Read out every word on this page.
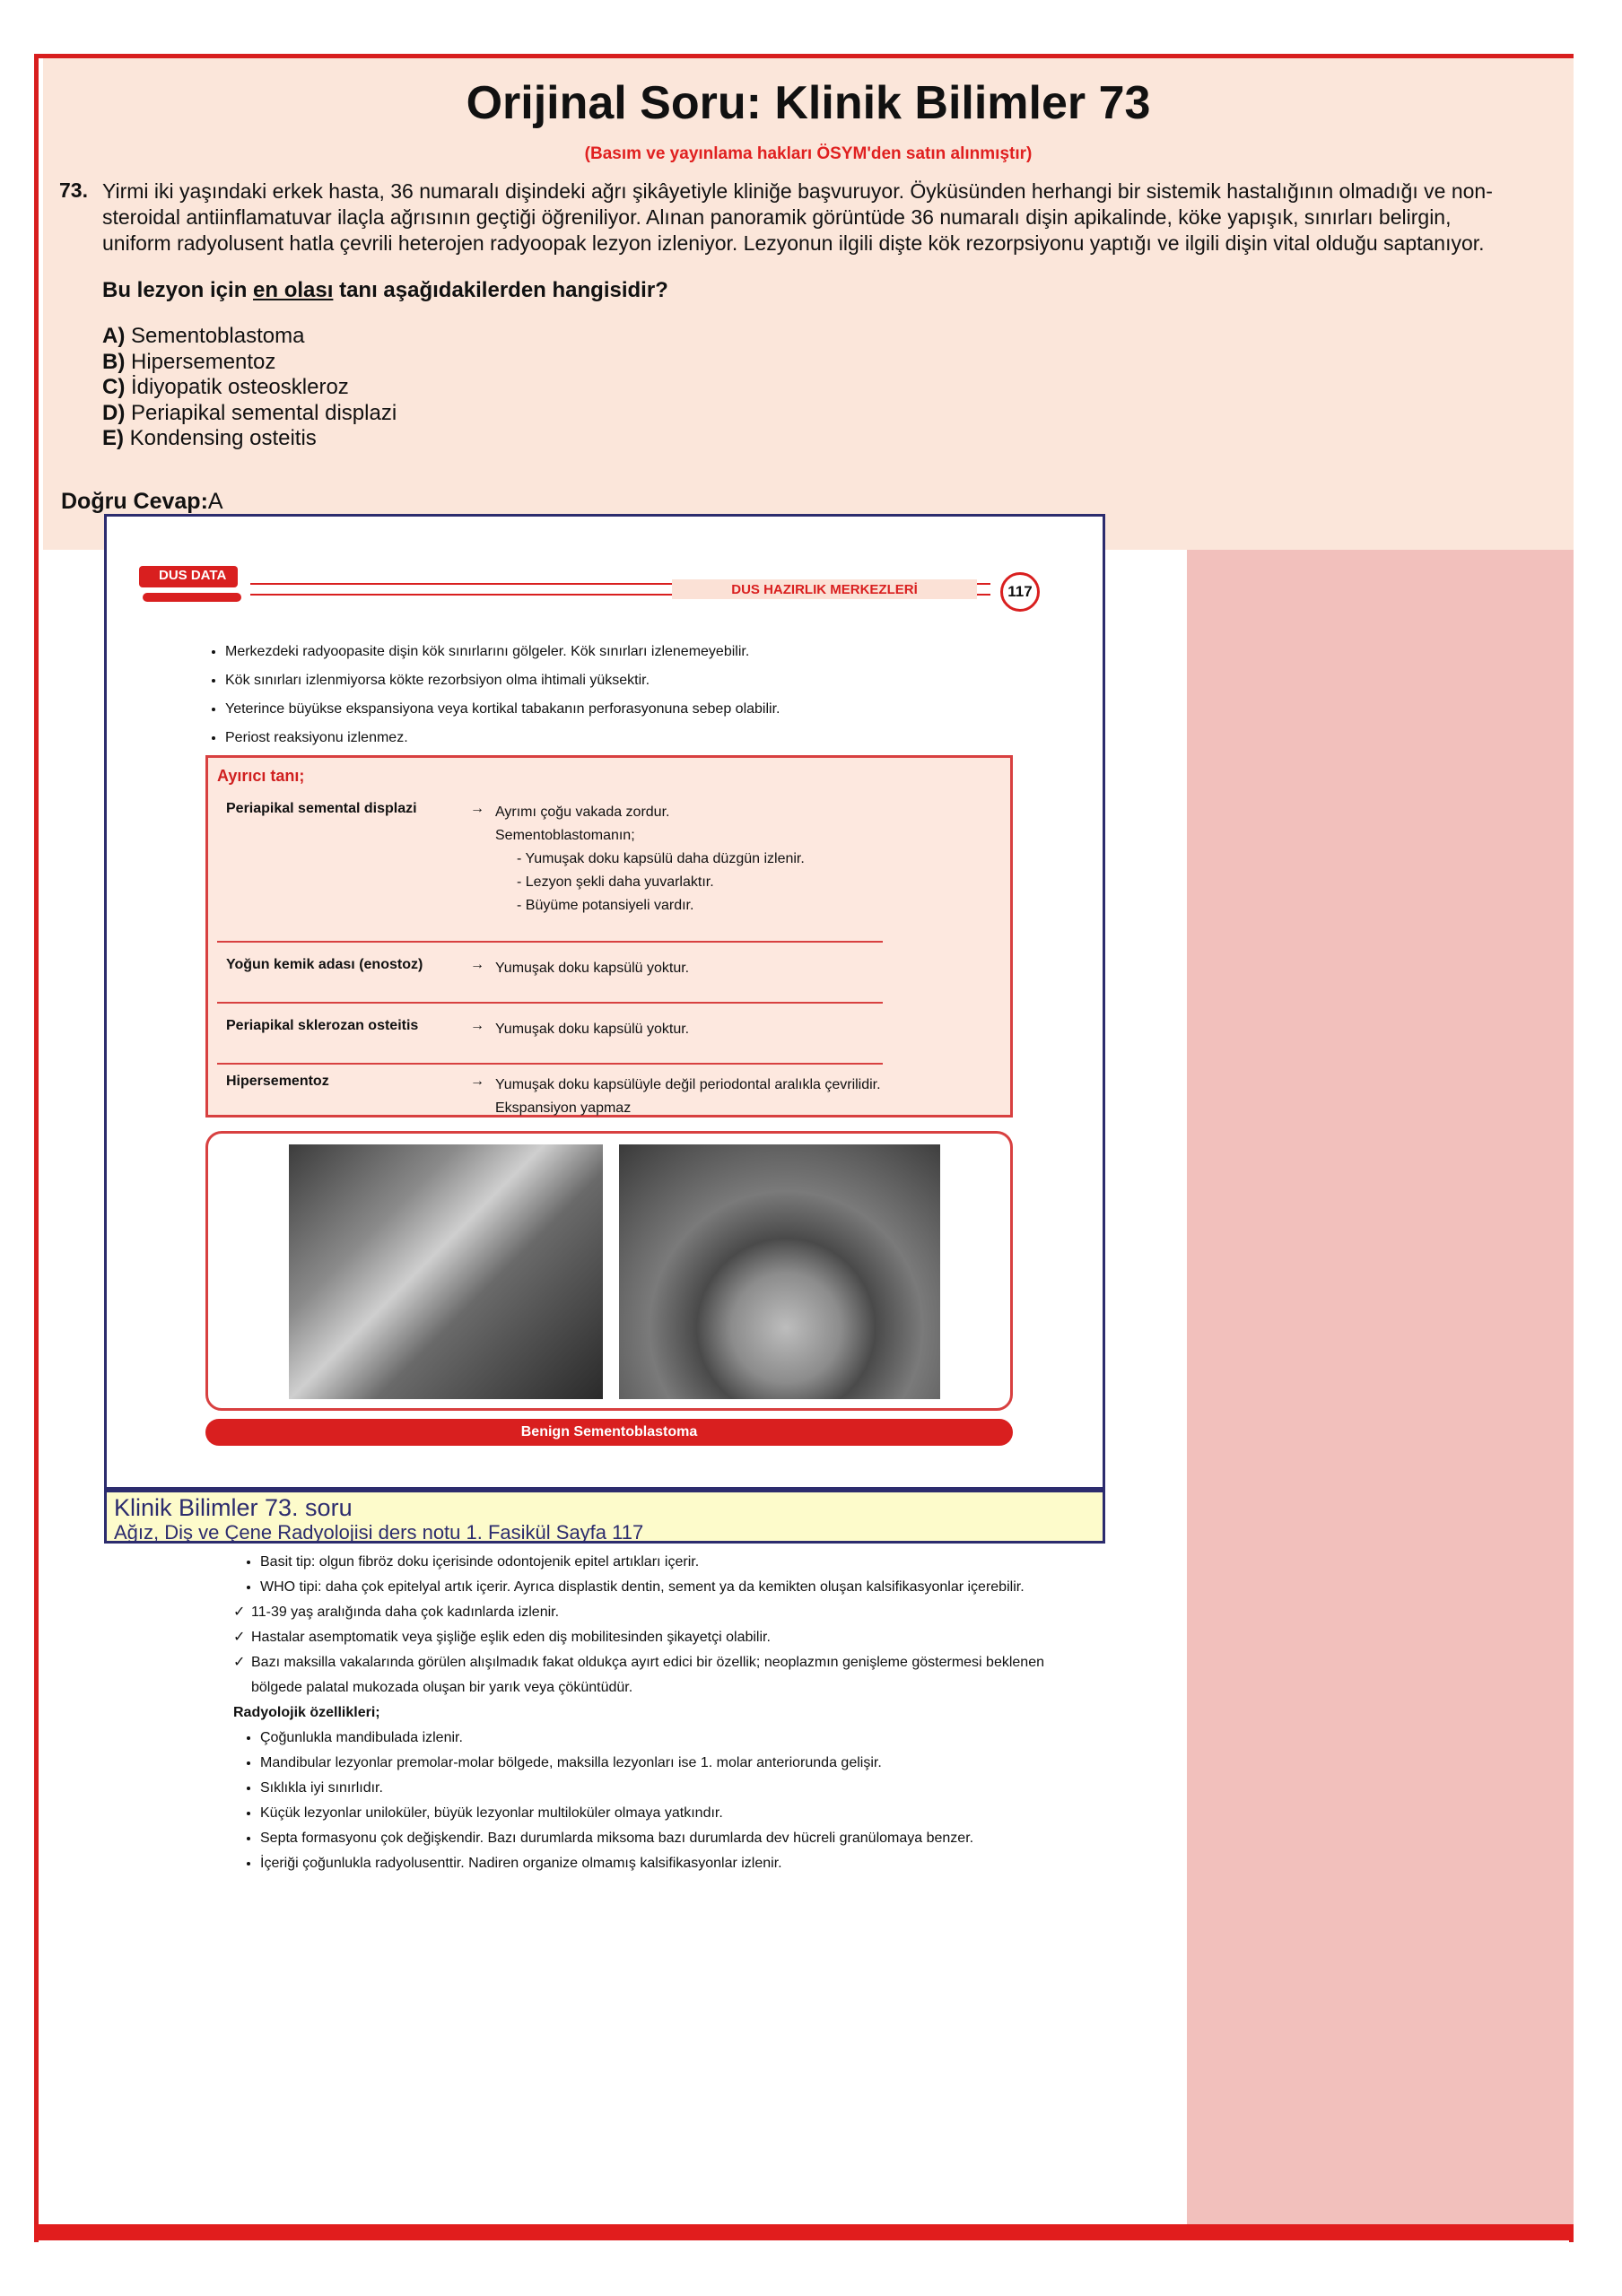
Orijinal Soru: Klinik Bilimler 73
(Basım ve yayınlama hakları ÖSYM'den satın alınmıştır)
73. Yirmi iki yaşındaki erkek hasta, 36 numaralı dişindeki ağrı şikâyetiyle kliniğe başvuruyor. Öyküsünden herhangi bir sistemik hastalığının olmadığı ve non-steroidal antiinflamatuvar ilaçla ağrısının geçtiği öğreniliyor. Alınan panoramik görüntüde 36 numaralı dişin apikalinde, köke yapışık, sınırları belirgin, uniform radyolusent hatla çevrili heterojen radyoopak lezyon izleniyor. Lezyonun ilgili dişte kök rezorpsiyonu yaptığı ve ilgili dişin vital olduğu saptanıyor.
Bu lezyon için en olası tanı aşağıdakilerden hangisidir?
A) Sementoblastoma
B) Hipersementoz
C) İdiyopatik osteoskleroz
D) Periapikal semental displazi
E) Kondensing osteitis
Doğru Cevap:A
DUS DATA
DUS HAZIRLIK MERKEZLERİ	117
• Merkezdeki radyoopasite dişin kök sınırlarını gölgeler. Kök sınırları izlenemeyebilir.
• Kök sınırları izlenmiyorsa kökte rezorbsiyon olma ihtimali yüksektir.
• Yeterince büyükse ekspansiyona veya kortikal tabakanın perforasyonuna sebep olabilir.
• Periost reaksiyonu izlenmez.
Ayırıcı tanı;
Periapikal semental displazi	→ Ayrımı çoğu vakada zordur.
Sementoblastomanın;
- Yumuşak doku kapsülü daha düzgün izlenir.
- Lezyon şekli daha yuvarlaktır.
- Büyüme potansiyeli vardır.
Yoğun kemik adası (enostoz)	→ Yumuşak doku kapsülü yoktur.
Periapikal sklerozan osteitis	→ Yumuşak doku kapsülü yoktur.
Hipersementoz	→ Yumuşak doku kapsülüyle değil periodontal aralıkla çevrilidir.
Ekspansiyon yapmaz
Benign Sementoblastoma
Klinik Bilimler 73. soru
Ağız, Diş ve Çene Radyolojisi ders notu 1. Fasikül Sayfa 117
• Basit tip: olgun fibröz doku içerisinde odontojenik epitel artıkları içerir.
• WHO tipi: daha çok epitelyal artık içerir. Ayrıca displastik dentin, sement ya da kemikten oluşan kalsifikasyonlar içerebilir.
✓ 11-39 yaş aralığında daha çok kadınlarda izlenir.
✓ Hastalar asemptomatik veya şişliğe eşlik eden diş mobilitesinden şikayetçi olabilir.
✓ Bazı maksilla vakalarında görülen alışılmadık fakat oldukça ayırt edici bir özellik; neoplazmın genişleme göstermesi beklenen bölgede palatal mukozada oluşan bir yarık veya çöküntüdür.
Radyolojik özellikleri;
• Çoğunlukla mandibulada izlenir.
• Mandibular lezyonlar premolar-molar bölgede, maksilla lezyonları ise 1. molar anteriorunda gelişir.
• Sıklıkla iyi sınırlıdır.
• Küçük lezyonlar uniloküler, büyük lezyonlar multiloküler olmaya yatkındır.
• Septa formasyonu çok değişkendir. Bazı durumlarda miksoma bazı durumlarda dev hücreli granülomaya benzer.
• İçeriği çoğunlukla radyolusenttir. Nadiren organize olmamış kalsifikasyonlar izlenir.
